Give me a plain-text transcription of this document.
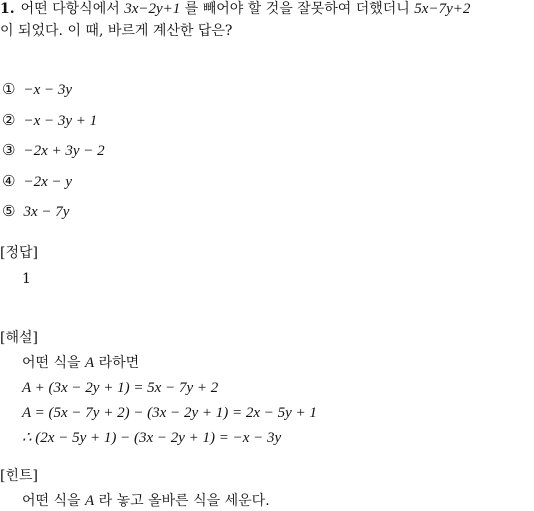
1. 어떤 다항식에서 3x−2y+1 를 빼어야 할 것을 잘못하여 더했더니 5x−7y+2
이 되었다. 이 때, 바르게 계산한 답은?
① −x − 3y
② −x − 3y + 1
③ −2x + 3y − 2
④ −2x − y
⑤ 3x − 7y
[정답]
1
[해설]
어떤 식을 A 라하면
A + (3x − 2y + 1) = 5x − 7y + 2
A = (5x − 7y + 2) − (3x − 2y + 1) = 2x − 5y + 1
∴ (2x − 5y + 1) − (3x − 2y + 1) = −x − 3y
[힌트]
어떤 식을 A 라 놓고 올바른 식을 세운다.
